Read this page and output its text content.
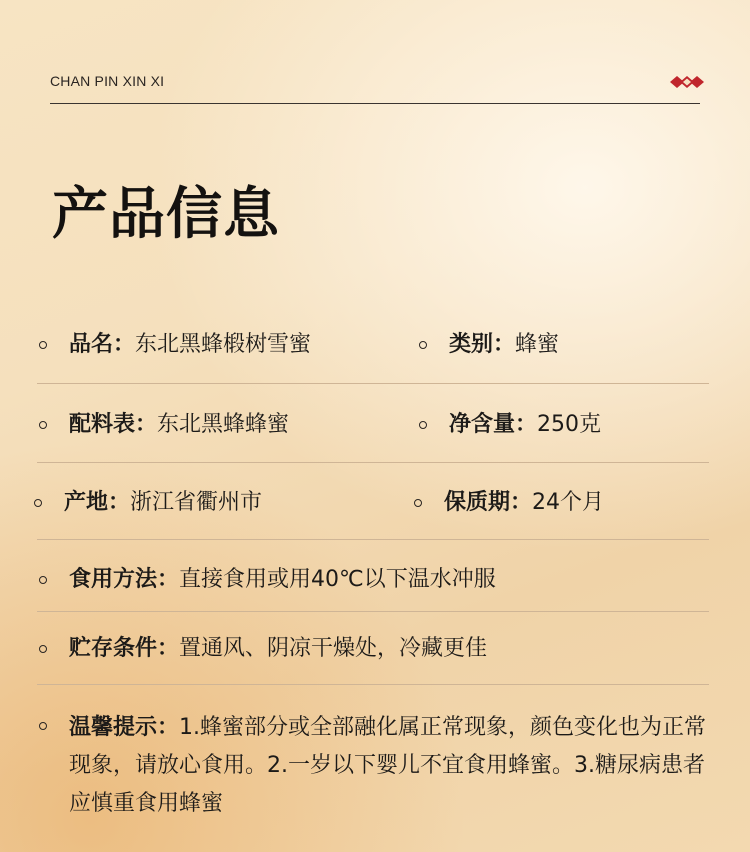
CHAN PIN XIN XI
产品信息
品名：东北黑蜂椴树雪蜜	类别：蜂蜜
配料表：东北黑蜂蜂蜜	净含量：250克
产地：浙江省衢州市	保质期：24个月
食用方法：直接食用或用40℃以下温水冲服
贮存条件：置通风、阴凉干燥处，冷藏更佳

温馨提示：1.蜂蜜部分或全部融化属正常现象，颜色变化也为正常现象，请放心食用。2.一岁以下婴儿不宜食用蜂蜜。3.糖尿病患者应慎重食用蜂蜜
